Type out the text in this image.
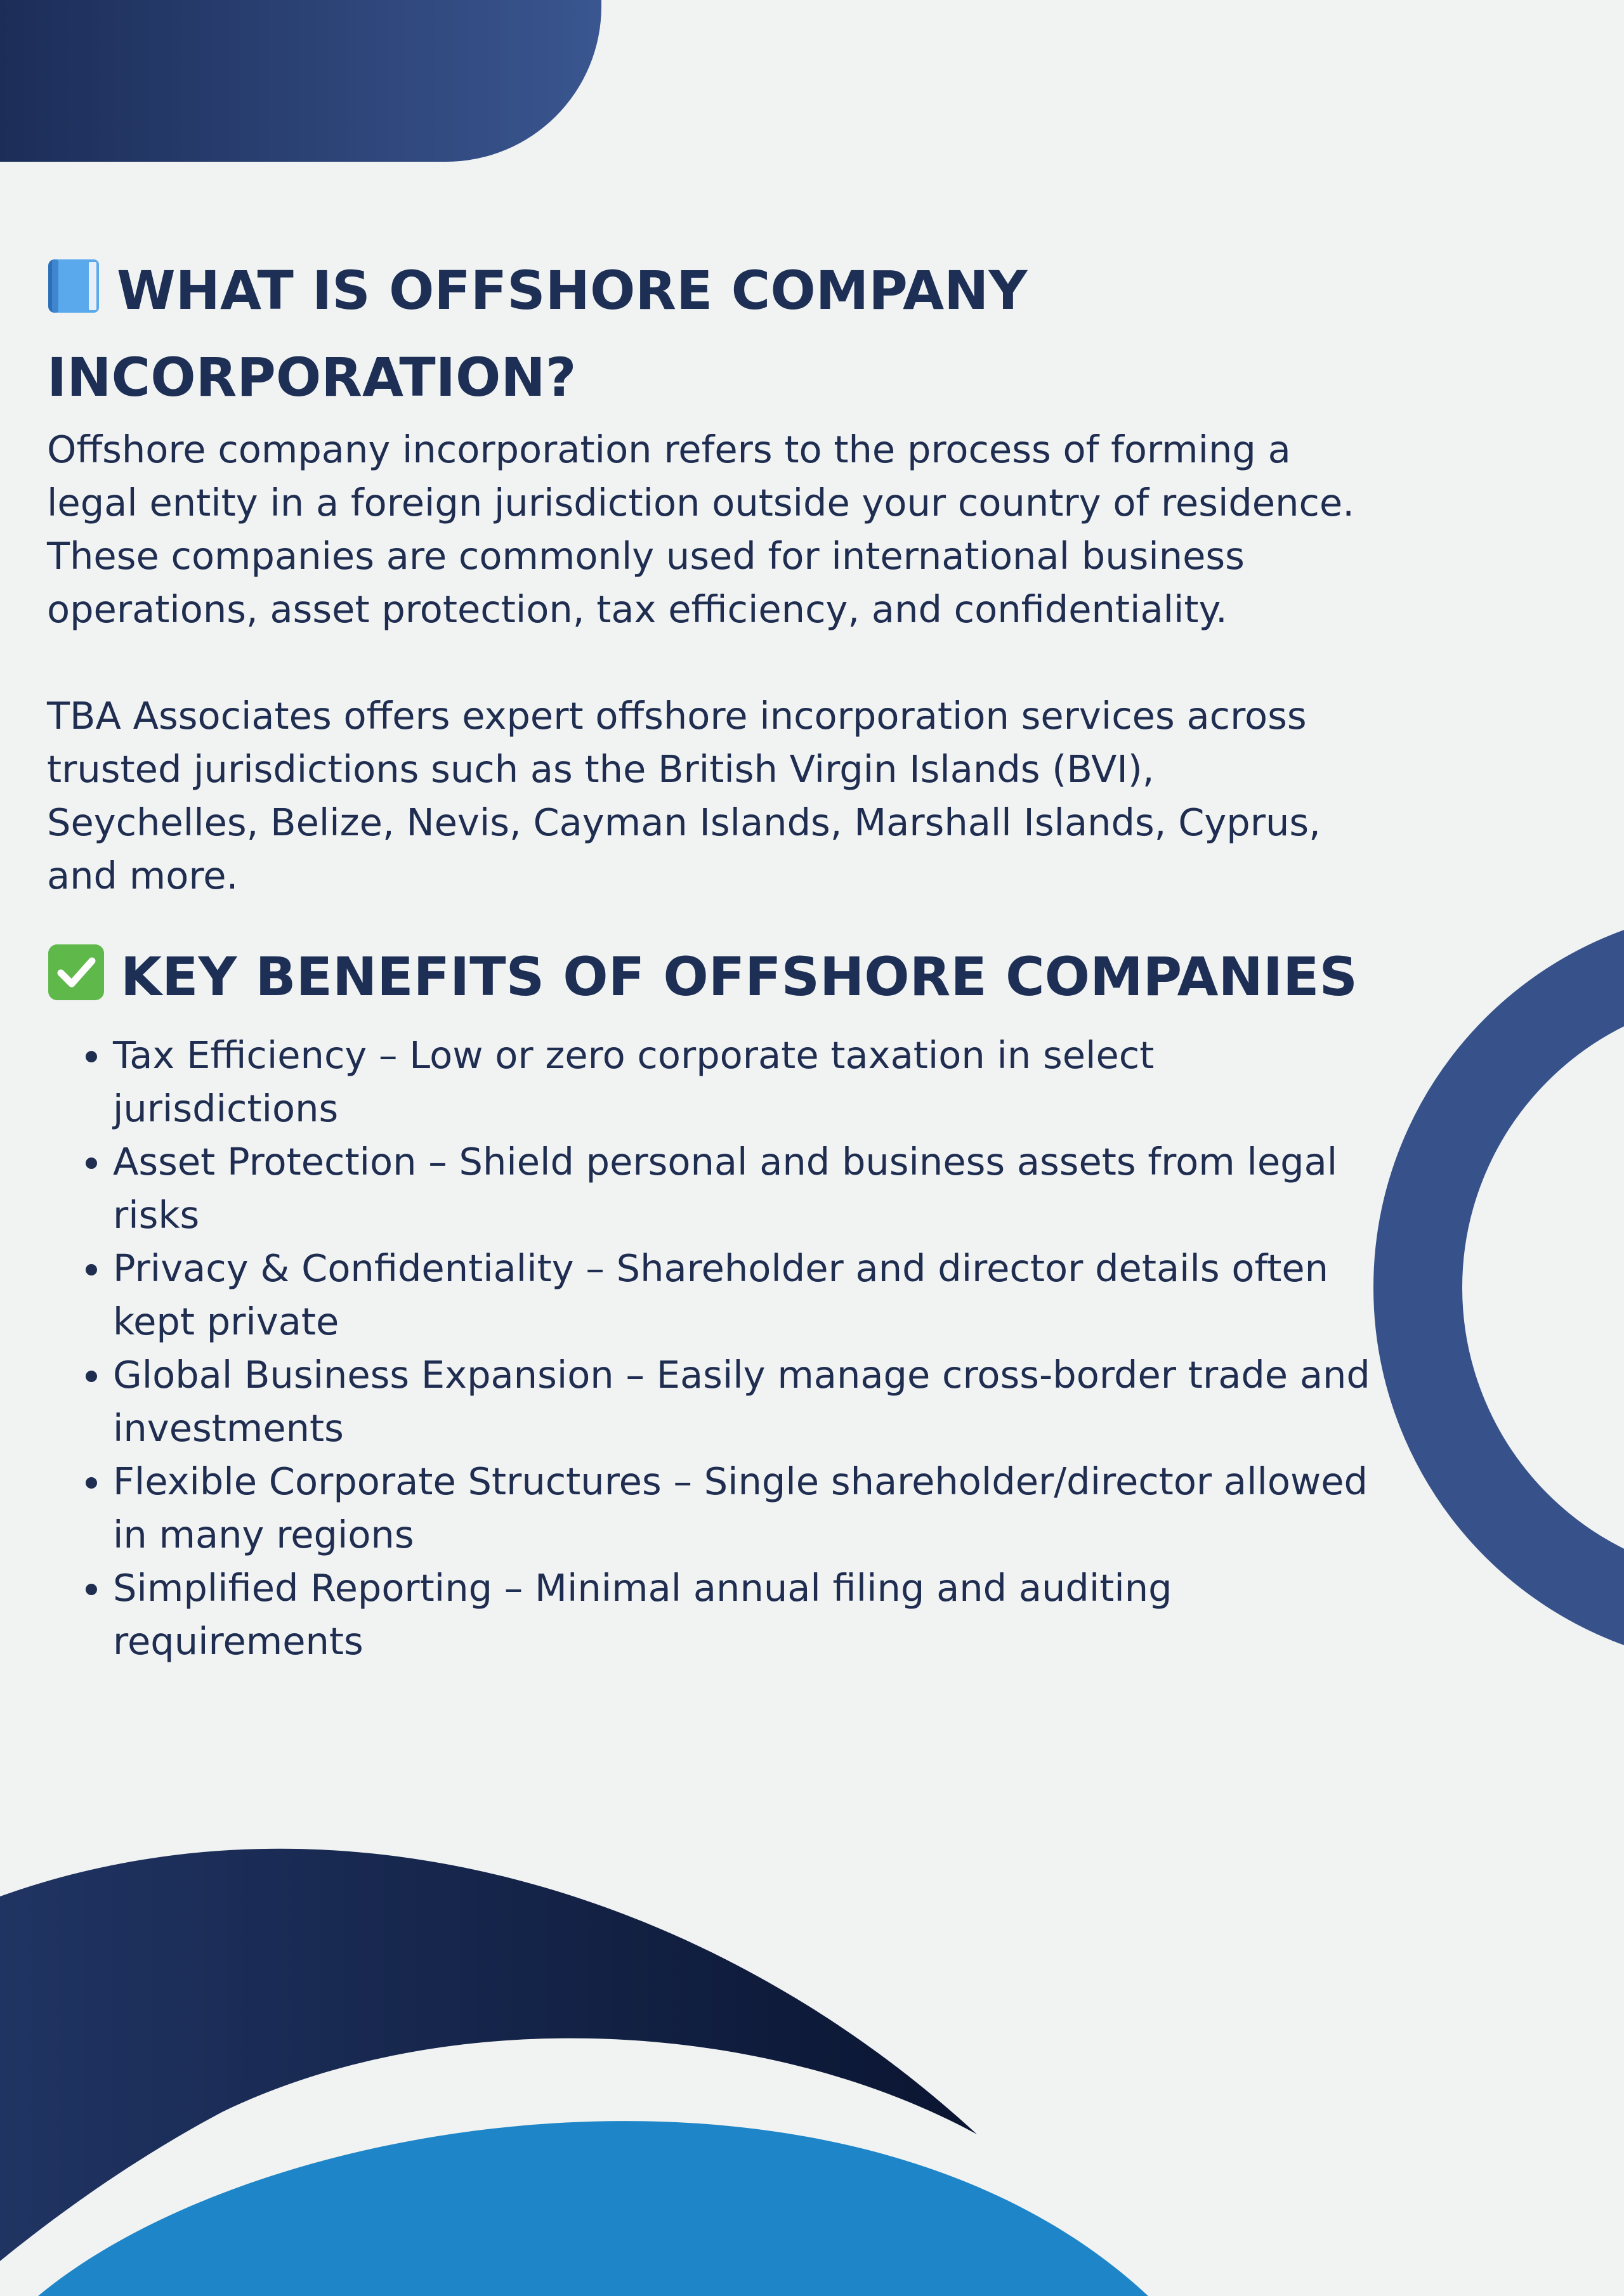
WHAT IS OFFSHORE COMPANY INCORPORATION?

Offshore company incorporation refers to the process of forming a legal entity in a foreign jurisdiction outside your country of residence. These companies are commonly used for international business operations, asset protection, tax efficiency, and confidentiality.

TBA Associates offers expert offshore incorporation services across trusted jurisdictions such as the British Virgin Islands (BVI), Seychelles, Belize, Nevis, Cayman Islands, Marshall Islands, Cyprus, and more.

KEY BENEFITS OF OFFSHORE COMPANIES
• Tax Efficiency – Low or zero corporate taxation in select jurisdictions
• Asset Protection – Shield personal and business assets from legal risks
• Privacy & Confidentiality – Shareholder and director details often kept private
• Global Business Expansion – Easily manage cross-border trade and investments
• Flexible Corporate Structures – Single shareholder/director allowed in many regions
• Simplified Reporting – Minimal annual filing and auditing requirements
